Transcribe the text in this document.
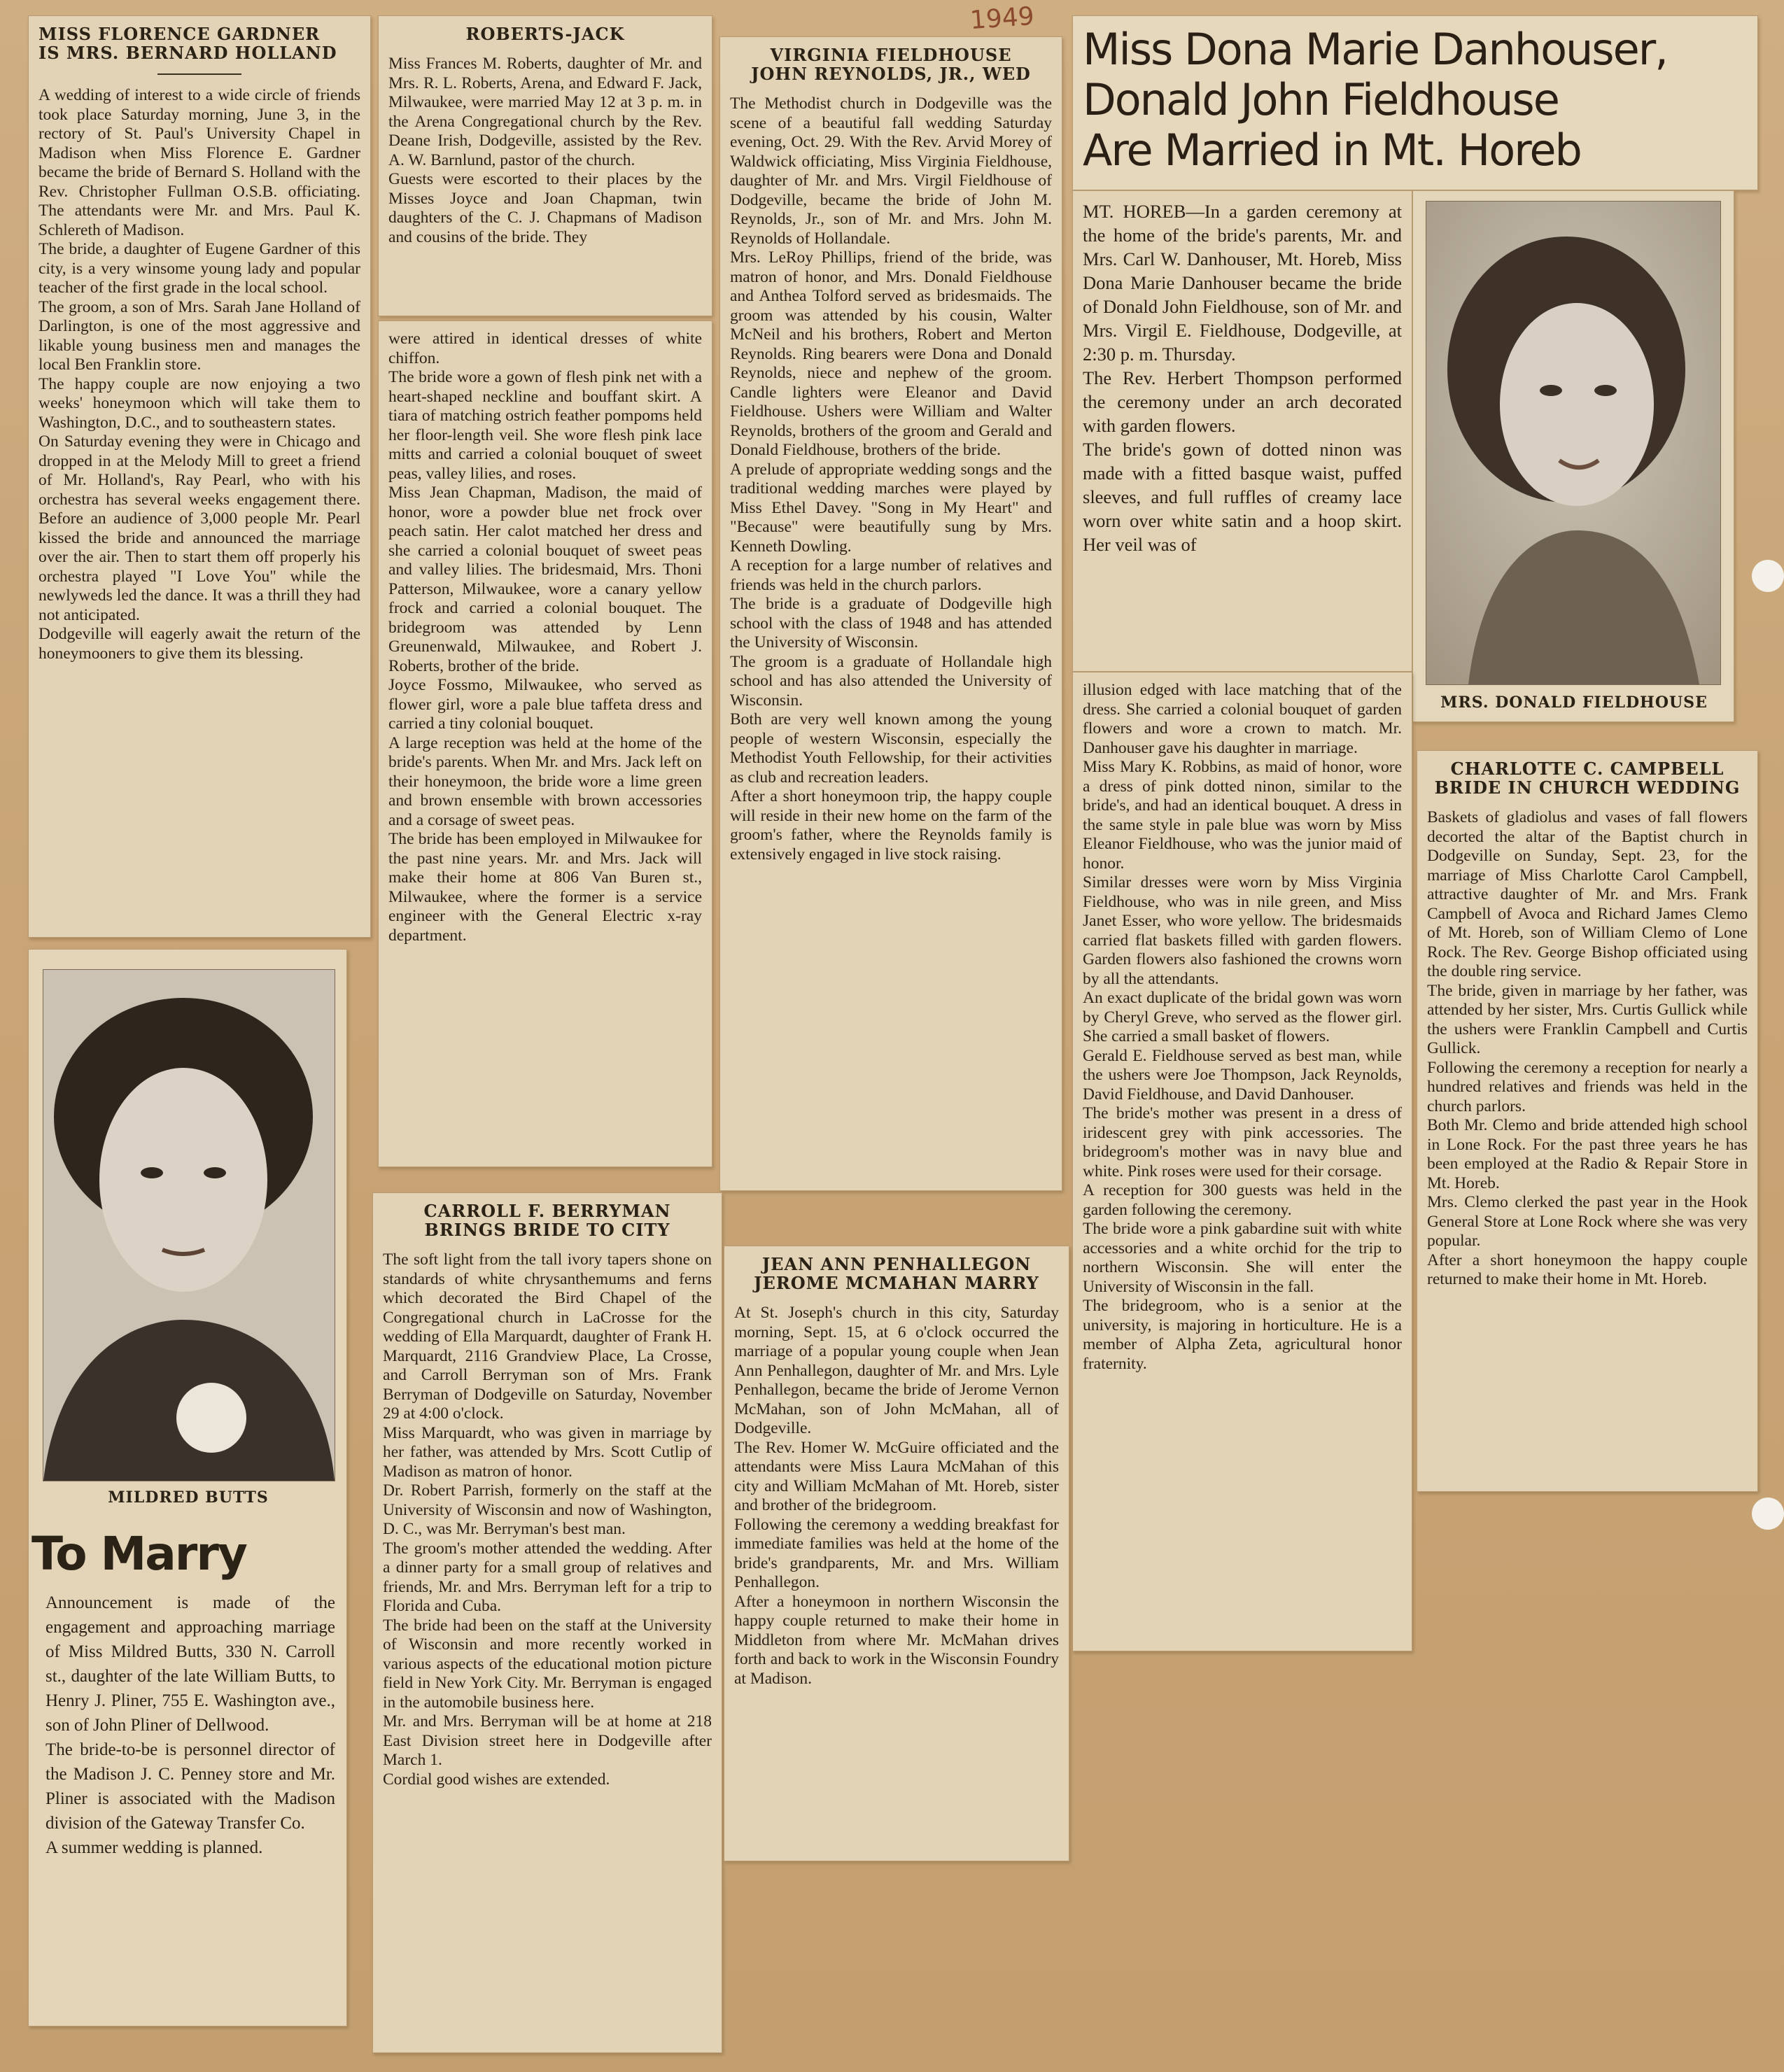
1949
MISS FLORENCE GARDNER
IS MRS. BERNARD HOLLAND

A wedding of interest to a wide circle of friends took place Saturday morning, June 3, in the rectory of St. Paul's University Chapel in Madison when Miss Florence E. Gardner became the bride of Bernard S. Holland with the Rev. Christopher Fullman O.S.B. officiating. The attendants were Mr. and Mrs. Paul K. Schlereth of Madison.
The bride, a daughter of Eugene Gardner of this city, is a very winsome young lady and popular teacher of the first grade in the local school.
The groom, a son of Mrs. Sarah Jane Holland of Darlington, is one of the most aggressive and likable young business men and manages the local Ben Franklin store.
The happy couple are now enjoying a two weeks' honeymoon which will take them to Washington, D.C., and to southeastern states.
On Saturday evening they were in Chicago and dropped in at the Melody Mill to greet a friend of Mr. Holland's, Ray Pearl, who with his orchestra has several weeks engagement there. Before an audience of 3,000 people Mr. Pearl kissed the bride and announced the marriage over the air. Then to start them off properly his orchestra played "I Love You" while the newlyweds led the dance. It was a thrill they had not anticipated.
Dodgeville will eagerly await the return of the honeymooners to give them its blessing.

ROBERTS-JACK

Miss Frances M. Roberts, daughter of Mr. and Mrs. R. L. Roberts, Arena, and Edward F. Jack, Milwaukee, were married May 12 at 3 p. m. in the Arena Congregational church by the Rev. Deane Irish, Dodgeville, assisted by the Rev. A. W. Barnlund, pastor of the church.
Guests were escorted to their places by the Misses Joyce and Joan Chapman, twin daughters of the C. J. Chapmans of Madison and cousins of the bride. They

were attired in identical dresses of white chiffon.
The bride wore a gown of flesh pink net with a heart-shaped neckline and bouffant skirt. A tiara of matching ostrich feather pompoms held her floor-length veil. She wore flesh pink lace mitts and carried a colonial bouquet of sweet peas, valley lilies, and roses.
Miss Jean Chapman, Madison, the maid of honor, wore a powder blue net frock over peach satin. Her calot matched her dress and she carried a colonial bouquet of sweet peas and valley lilies. The bridesmaid, Mrs. Thoni Patterson, Milwaukee, wore a canary yellow frock and carried a colonial bouquet. The bridegroom was attended by Lenn Greunenwald, Milwaukee, and Robert J. Roberts, brother of the bride.
Joyce Fossmo, Milwaukee, who served as flower girl, wore a pale blue taffeta dress and carried a tiny colonial bouquet.
A large reception was held at the home of the bride's parents. When Mr. and Mrs. Jack left on their honeymoon, the bride wore a lime green and brown ensemble with brown accessories and a corsage of sweet peas.
The bride has been employed in Milwaukee for the past nine years. Mr. and Mrs. Jack will make their home at 806 Van Buren st., Milwaukee, where the former is a service engineer with the General Electric x-ray department.

VIRGINIA FIELDHOUSE
JOHN REYNOLDS, JR., WED

The Methodist church in Dodgeville was the scene of a beautiful fall wedding Saturday evening, Oct. 29. With the Rev. Arvid Morey of Waldwick officiating, Miss Virginia Fieldhouse, daughter of Mr. and Mrs. Virgil Fieldhouse of Dodgeville, became the bride of John M. Reynolds, Jr., son of Mr. and Mrs. John M. Reynolds of Hollandale.
Mrs. LeRoy Phillips, friend of the bride, was matron of honor, and Mrs. Donald Fieldhouse and Anthea Tolford served as bridesmaids. The groom was attended by his cousin, Walter McNeil and his brothers, Robert and Merton Reynolds. Ring bearers were Dona and Donald Reynolds, niece and nephew of the groom. Candle lighters were Eleanor and David Fieldhouse. Ushers were William and Walter Reynolds, brothers of the groom and Gerald and Donald Fieldhouse, brothers of the bride.
A prelude of appropriate wedding songs and the traditional wedding marches were played by Miss Ethel Davey. "Song in My Heart" and "Because" were beautifully sung by Mrs. Kenneth Dowling.
A reception for a large number of relatives and friends was held in the church parlors.
The bride is a graduate of Dodgeville high school with the class of 1948 and has attended the University of Wisconsin.
The groom is a graduate of Hollandale high school and has also attended the University of Wisconsin.
Both are very well known among the young people of western Wisconsin, especially the Methodist Youth Fellowship, for their activities as club and recreation leaders.
After a short honeymoon trip, the happy couple will reside in their new home on the farm of the groom's father, where the Reynolds family is extensively engaged in live stock raising.

Miss Dona Marie Danhouser,
Donald John Fieldhouse
Are Married in Mt. Horeb

MT. HOREB—In a garden ceremony at the home of the bride's parents, Mr. and Mrs. Carl W. Danhouser, Mt. Horeb, Miss Dona Marie Danhouser became the bride of Donald John Fieldhouse, son of Mr. and Mrs. Virgil E. Fieldhouse, Dodgeville, at 2:30 p. m. Thursday.
The Rev. Herbert Thompson performed the ceremony under an arch decorated with garden flowers.
The bride's gown of dotted ninon was made with a fitted basque waist, puffed sleeves, and full ruffles of creamy lace worn over white satin and a hoop skirt. Her veil was of

MRS. DONALD FIELDHOUSE

illusion edged with lace matching that of the dress. She carried a colonial bouquet of garden flowers and wore a crown to match. Mr. Danhouser gave his daughter in marriage.
Miss Mary K. Robbins, as maid of honor, wore a dress of pink dotted ninon, similar to the bride's, and had an identical bouquet. A dress in the same style in pale blue was worn by Miss Eleanor Fieldhouse, who was the junior maid of honor.
Similar dresses were worn by Miss Virginia Fieldhouse, who was in nile green, and Miss Janet Esser, who wore yellow. The bridesmaids carried flat baskets filled with garden flowers. Garden flowers also fashioned the crowns worn by all the attendants.
An exact duplicate of the bridal gown was worn by Cheryl Greve, who served as the flower girl. She carried a small basket of flowers.
Gerald E. Fieldhouse served as best man, while the ushers were Joe Thompson, Jack Reynolds, David Fieldhouse, and David Danhouser.
The bride's mother was present in a dress of iridescent grey with pink accessories. The bridegroom's mother was in navy blue and white. Pink roses were used for their corsage.
A reception for 300 guests was held in the garden following the ceremony.
The bride wore a pink gabardine suit with white accessories and a white orchid for the trip to northern Wisconsin. She will enter the University of Wisconsin in the fall.
The bridegroom, who is a senior at the university, is majoring in horticulture. He is a member of Alpha Zeta, agricultural honor fraternity.

CHARLOTTE C. CAMPBELL
BRIDE IN CHURCH WEDDING

Baskets of gladiolus and vases of fall flowers decorted the altar of the Baptist church in Dodgeville on Sunday, Sept. 23, for the marriage of Miss Charlotte Carol Campbell, attractive daughter of Mr. and Mrs. Frank Campbell of Avoca and Richard James Clemo of Mt. Horeb, son of William Clemo of Lone Rock. The Rev. George Bishop officiated using the double ring service.
The bride, given in marriage by her father, was attended by her sister, Mrs. Curtis Gullick while the ushers were Franklin Campbell and Curtis Gullick.
Following the ceremony a reception for nearly a hundred relatives and friends was held in the church parlors.
Both Mr. Clemo and bride attended high school in Lone Rock. For the past three years he has been employed at the Radio & Repair Store in Mt. Horeb.
Mrs. Clemo clerked the past year in the Hook General Store at Lone Rock where she was very popular.
After a short honeymoon the happy couple returned to make their home in Mt. Horeb.

MILDRED BUTTS
To Marry

Announcement is made of the engagement and approaching marriage of Miss Mildred Butts, 330 N. Carroll st., daughter of the late William Butts, to Henry J. Pliner, 755 E. Washington ave., son of John Pliner of Dellwood.
The bride-to-be is personnel director of the Madison J. C. Penney store and Mr. Pliner is associated with the Madison division of the Gateway Transfer Co.
A summer wedding is planned.

CARROLL F. BERRYMAN
BRINGS BRIDE TO CITY

The soft light from the tall ivory tapers shone on standards of white chrysanthemums and ferns which decorated the Bird Chapel of the Congregational church in LaCrosse for the wedding of Ella Marquardt, daughter of Frank H. Marquardt, 2116 Grandview Place, La Crosse, and Carroll Berryman son of Mrs. Frank Berryman of Dodgeville on Saturday, November 29 at 4:00 o'clock.
Miss Marquardt, who was given in marriage by her father, was attended by Mrs. Scott Cutlip of Madison as matron of honor.
Dr. Robert Parrish, formerly on the staff at the University of Wisconsin and now of Washington, D. C., was Mr. Berryman's best man.
The groom's mother attended the wedding. After a dinner party for a small group of relatives and friends, Mr. and Mrs. Berryman left for a trip to Florida and Cuba.
The bride had been on the staff at the University of Wisconsin and more recently worked in various aspects of the educational motion picture field in New York City. Mr. Berryman is engaged in the automobile business here.
Mr. and Mrs. Berryman will be at home at 218 East Division street here in Dodgeville after March 1.
Cordial good wishes are extended.

JEAN ANN PENHALLEGON
JEROME MCMAHAN MARRY

At St. Joseph's church in this city, Saturday morning, Sept. 15, at 6 o'clock occurred the marriage of a popular young couple when Jean Ann Penhallegon, daughter of Mr. and Mrs. Lyle Penhallegon, became the bride of Jerome Vernon McMahan, son of John McMahan, all of Dodgeville.
The Rev. Homer W. McGuire officiated and the attendants were Miss Laura McMahan of this city and William McMahan of Mt. Horeb, sister and brother of the bridegroom.
Following the ceremony a wedding breakfast for immediate families was held at the home of the bride's grandparents, Mr. and Mrs. William Penhallegon.
After a honeymoon in northern Wisconsin the happy couple returned to make their home in Middleton from where Mr. McMahan drives forth and back to work in the Wisconsin Foundry at Madison.
